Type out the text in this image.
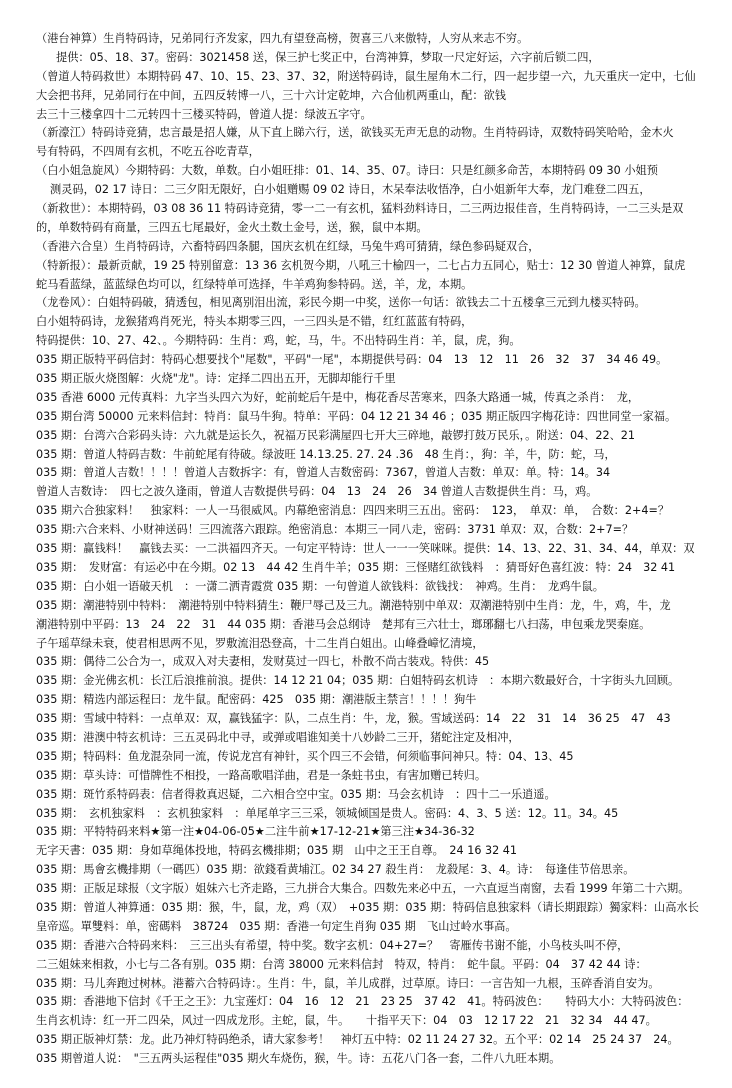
（港台神算）生肖特码诗，兄弟同行齐发家，四九有望登高榜，贺喜三八来傲特，人穷从来志不穷。
提供：05、18、37。密码：3021458 送，保三护七奖正中，台湾神算，梦取一尺定好运，六字前后锁二四，
（曾道人特码救世）本期特码 47、10、15、23、37、32，附送特码诗，鼠生屋角木二行，四一起步望一六，九天重庆一定中，七仙
大会把书拜，兄弟同行在中间，五四反转博一八，三十六计定乾坤，六合仙机两重山，配：欲钱
去三十三楼拿四十二元转四十三楼买特码，曾道人提：绿波五字守。
（新濠江）特码诗竞猜，忠言最是招人嫌，从下直上睇六行，送，欲钱买无声无息的动物。生肖特码诗，双数特码笑哈哈，金木火
号有特码，不四周有玄机，不吃五谷吃青草，
（白小姐急旋风）今期特码：大数，单数。白小姐旺排：01、14、35、07。诗曰：只是红颜多命苦，本期特码 09 30 小姐预
测灵码，02 17 诗日：二三夕阳无限好，白小姐赠赐 09 02 诗日，木呆奉法收悟净，白小姐新年大奉，龙门难登二四五，
（新救世）：本期特码，03 08 36 11 特码诗竞猜，零一二一有玄机，猛料劲料诗日，二三两边报佳音，生肖特码诗，一二三头是双
的，单数特码有商量，三四五七尾最好，金火土数土金号，送，猴，鼠中本期。
（香港六合皇）生肖特码诗，六畜特码四条腿，国庆玄机在红绿，马兔牛鸡可猜猜，绿色参码疑双合，
（特新报）：最新贡献，19 25 特别留意：13 36 玄机贺今期，八吼三十榆四一，二七占力五同心，贴士：12 30 曾道人神算，鼠虎
蛇马看蓝绿，蓝蓝绿色均可以，红绿特单可选择，牛羊鸡狗参特码。送，羊，龙，本期。
（龙卷风）：白姐特码破，猜透包，相见离别泪出流，彩民今期一中奖，送你一句话：欲钱去二十五楼拿三元到九楼买特码。
白小姐特码诗，龙猴猪鸡肖死光，特头本期零三四，一三四头是不错，红红蓝蓝有特码，
特码提供：10、27、42、。今期特码：生肖：鸡，蛇，马，牛。不出特码生肖：羊，鼠，虎，狗。
035 期正版特平码信封：特码心想要找个"尾数"，平码"一尾"，本期提供号码：04　13　12　11　26　32　37　34 46 49。
035 期正版火烧图解：火烧"龙"。诗：定择二四出五开，无脚却能行千里
035 香港 6000 元传真料：九字当头四六为好，蛇前蛇后午是中，梅花香尽苦寒来，四条大路通一城，传真之杀肖：　龙，
035 期台湾 50000 元来料信封：特肖：鼠马牛狗。特单：平码：04 12 21 34 46 ；035 期正版四字梅花诗：四世同堂一家福。
035 期：台湾六合彩码头诗：六九就是运长久，祝福万民彩满屋四七开大三碎地，敲锣打鼓万民乐，。附送：04、22、21
035 期：曾道人特码吉数：牛前蛇尾有待破。绿波旺 14.13.25. 27. 24 .36　48 生肖：，狗：羊，牛，防：蛇，马，
035 期：曾道人吉数！！！！曾道人吉数拆字：有，曾道人吉数密码：7367，曾道人吉数：单双：单。特：14。34
曾道人吉数诗：　四七之波久逢雨，曾道人吉数提供号码：04　13　24　26　34 曾道人吉数提供生肖：马，鸡。
035 期六合独家料！　独家料：一人一马很威风。内幕绝密消息：四四来明三五出。密码：　123，　单双：单，　合数：2+4=？
035 期:六合来料、小财神送码！三四流落六跟踪。绝密消息：本期三一同八走，密码：3731 单双：双，合数：2+7=？
035 期：赢钱料！　赢钱去买：一二洪福四齐天。一句定平特诗：世人一一一笑咪咪。提供：14、13、22、31、34、44，单双：双
035 期：　发财富：有运必中在今期。02 13　44 42 生肖牛羊；035 期：三怪赌红欲钱料　：猜哥好色喜红波：特：24　32 41
035 期：白小姐一语破天机　：一潇二洒青霞赏 035 期：一句曾道人欲钱料：欲钱找：　神鸡。生肖：　龙鸡牛鼠。
035 期：潮港特别中特料：　潮港特别中特料猜生：鞭尸辱己及三九。潮港特别中单双：双潮港特别中生肖：龙，牛，鸡，牛，龙
潮港特别中平码：13　24　22　31　44 035 期：香港马会总纲诗　楚邦有三六壮士，瑯琊翻七八扫荡，申包乘龙哭秦庭。
子午瑶草绿未衰，使君相思两不见，罗敷流泪恐登高，十二生肖白姐出。山峰叠嶂忆清境，
035 期：偶待二公合为一，成双入对夫妻相，发财莫过一四七，朴散不尚古装戏。特供：45
035 期：金光佛玄机：长江后浪推前浪。提供：14 12 21 04；035 期：白姐特码玄机诗　：本期六数最好合，十字街头九回顾。
035 期：精选内部运程曰：龙牛鼠。配密码：425　035 期：潮港版主禁言！！！！狗牛
035 期：雪域中特料：一点单双：双，赢钱猛字：队，二点生肖：牛，龙，猴。雪域送码：14　22　31　14　36 25　47　43
035 期：港澳中特玄机诗：三五灵码北中寻，或弹或唱谁知美十八妙龄二三开，猪蛇注定及相冲，
035 期；特码料：鱼龙混杂同一流，传说龙宫有神针，买个四三不会错，何须临事问神只。特：04、13、45
035 期：草头诗：可惜牌性不相投，一路高歌唱洋曲，君是一条蛀书虫，有害加赠已转归。
035 期：斑竹系特码表：信者得救真迟疑，二六相合空中宝。035 期：马会玄机诗　：四十二一乐逍遥。
035 期：　玄机独家料　：玄机独家料　：单尾单字三三采，领城倾国是贵人。密码：4、3、5 送：12。11。34。45
035 期：平特特码来料★第一注★04-06-05★二注牛前★17-12-21★第三注★34-36-32
无字天書：035 期：身如草绳体投地，特码玄機排期；035 期　山中之王王自尊。　24 16 32 41
035 期：馬會玄機排期（一碼匹）035 期：欲錢看黄埔江。02 34 27 殺生肖：　龙殺尾：3、4。诗：　每逢佳节倍思亲。
035 期：正版足球报（文字版）姐妹六七齐走路，三九拼合大集合。四数先来必中五，一六直逗当南窗，去看 1999 年第二十六期。
035 期：曾道人神算通：035 期：猴，牛，鼠，龙，鸡（双）　+035 期：035 期：特码信息独家料（请长期跟踪）獨家料：山高水长
皇帝巡。單雙料：单，密碼料　38724　035 期：香港一句定生肖狗 035 期　飞山过岭水事高。
035 期：香港六合特码来料：　三三出头有希望，特中奖。数字玄机：04+27=？　寄雁传书谢不能，小鸟枝头叫不停，
二三姐妹来相救，小七与二各有别。035 期：台湾 38000 元来料信封　特双，特肖：　蛇牛鼠。平码：04　37 42 44 诗：
035 期：马儿奔跑过树林。港蓄六合特码诗：。生肖：牛，鼠，羊儿成群，过草原。诗曰：一言告知一九根，玉碎香消自安为。
035 期：香港地下信封《千王之王》：九宝莲灯：04　16　12　21　23 25　37 42　41。特码波色：　　特码大小：大特码波色：
生肖玄机诗：红一开二四朵，风过一四成龙形。主蛇，鼠，牛。　　十指平天下：04　03　12 17 22　21　32 34　44 47。
035 期正版神灯禁：龙。此乃神灯特码绝杀，请大家参考！　神灯五中特：02 11 24 27 32。五个平：02 14　25 24 37　24。
035 期曾道人说：　"三五两头运程佳"035 期火车烧伤，猴，牛。诗：五花八门各一套，二件八九旺本期。
